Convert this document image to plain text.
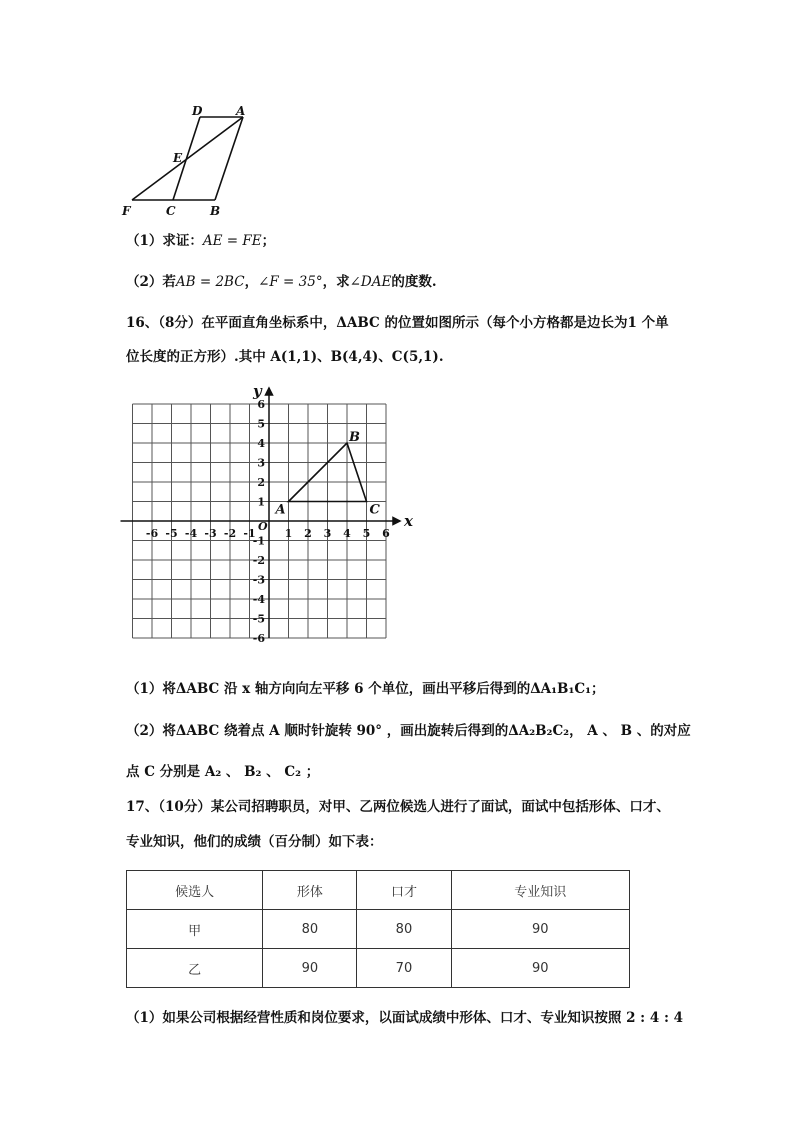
D	A
E
F	C	B
（1）求证：AE = FE；
（2）若AB = 2BC，∠F = 35°，求∠DAE的度数.
16、（8分）在平面直角坐标系中，ΔABC 的位置如图所示（每个小方格都是边长为1 个单
位长度的正方形）.其中 A(1,1)、B(4,4)、C(5,1).
-6 -5 -4 -3 -2 -1	1 2 3 4 5 6
6
5
4
3
2
1
-1
-2
-3
-4
-5
-6
O	x
y
A
B
C
（1）将ΔABC 沿 x 轴方向向左平移 6 个单位，画出平移后得到的ΔA₁B₁C₁；
（2）将ΔABC 绕着点 A 顺时针旋转 90° ，画出旋转后得到的ΔA₂B₂C₂， A 、 B 、的对应
点 C 分别是 A₂ 、 B₂ 、 C₂ ；
17、（10分）某公司招聘职员，对甲、乙两位候选人进行了面试，面试中包括形体、口才、
专业知识，他们的成绩（百分制）如下表：
候选人	形体	口才	专业知识
甲	80	80	90
乙	90	70	90
（1）如果公司根据经营性质和岗位要求，以面试成绩中形体、口才、专业知识按照 2 : 4 : 4
